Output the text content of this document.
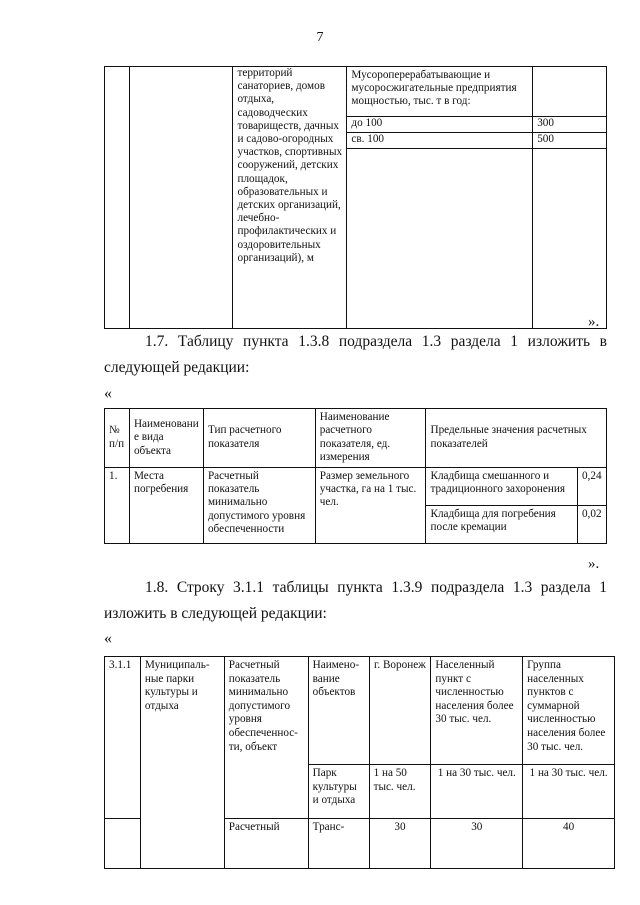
7
		территорий санаториев, домов отдыха, садоводческих товариществ, дачных и садово-огородных участков, спортивных сооружений, детских площадок, образовательных и детских организаций, лечебно-профилактических и оздоровительных организаций), м	Мусороперерабатывающие и мусоросжигательные предприятия мощностью, тыс. т в год:	
			до 100	300
			св. 100	500

».
1.7. Таблицу пункта 1.3.8 подраздела 1.3 раздела 1 изложить в
следующей редакции:
«
№ п/п	Наименовани е вида объекта	Тип расчетного показателя	Наименование расчетного показателя, ед. измерения	Предельные значения расчетных показателей	
1.	Места погребения	Расчетный показатель минимально допустимого уровня обеспеченности	Размер земельного участка, га на 1 тыс. чел.	Кладбища смешанного и традиционного захоронения	0,24
				Кладбища для погребения после кремации	0,02
».
1.8. Строку 3.1.1 таблицы пункта 1.3.9 подраздела 1.3 раздела 1
изложить в следующей редакции:
«
3.1.1	Муниципаль-ные парки культуры и отдыха	Расчетный показатель минимально допустимого уровня обеспеченнос-ти, объект	Наимено-вание объектов	г. Воронеж	Населенный пункт с численностью населения более 30 тыс. чел.	Группа населенных пунктов с суммарной численностью населения более 30 тыс. чел.
			Парк культуры и отдыха	1 на 50 тыс. чел.	1 на 30 тыс. чел.	1 на 30 тыс. чел.
		Расчетный	Транс-	30	30	40
